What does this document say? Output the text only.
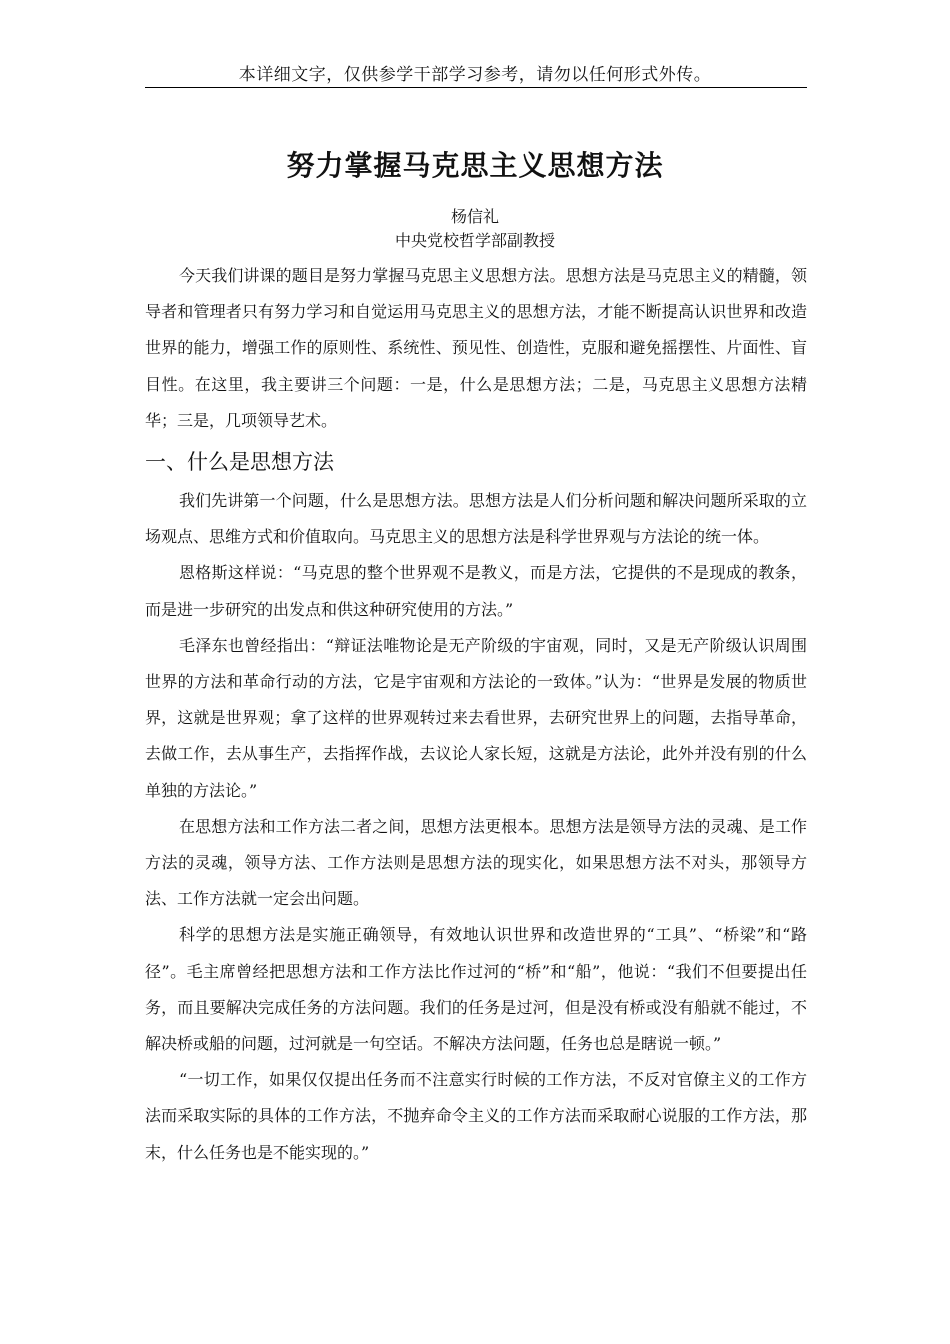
本详细文字，仅供参学干部学习参考，请勿以任何形式外传。
努力掌握马克思主义思想方法
杨信礼
中央党校哲学部副教授

今天我们讲课的题目是努力掌握马克思主义思想方法。思想方法是马克思主义的精髓，领导者和管理者只有努力学习和自觉运用马克思主义的思想方法，才能不断提高认识世界和改造世界的能力，增强工作的原则性、系统性、预见性、创造性，克服和避免摇摆性、片面性、盲目性。在这里，我主要讲三个问题：一是，什么是思想方法；二是，马克思主义思想方法精华；三是，几项领导艺术。

一、什么是思想方法

我们先讲第一个问题，什么是思想方法。思想方法是人们分析问题和解决问题所采取的立场观点、思维方式和价值取向。马克思主义的思想方法是科学世界观与方法论的统一体。

恩格斯这样说：“马克思的整个世界观不是教义，而是方法，它提供的不是现成的教条，而是进一步研究的出发点和供这种研究使用的方法。”

毛泽东也曾经指出：“辩证法唯物论是无产阶级的宇宙观，同时，又是无产阶级认识周围世界的方法和革命行动的方法，它是宇宙观和方法论的一致体。”认为：“世界是发展的物质世界，这就是世界观；拿了这样的世界观转过来去看世界，去研究世界上的问题，去指导革命，去做工作，去从事生产，去指挥作战，去议论人家长短，这就是方法论，此外并没有别的什么单独的方法论。”

在思想方法和工作方法二者之间，思想方法更根本。思想方法是领导方法的灵魂、是工作方法的灵魂，领导方法、工作方法则是思想方法的现实化，如果思想方法不对头，那领导方法、工作方法就一定会出问题。

科学的思想方法是实施正确领导，有效地认识世界和改造世界的“工具”、“桥梁”和“路径”。毛主席曾经把思想方法和工作方法比作过河的“桥”和“船”，他说：“我们不但要提出任务，而且要解决完成任务的方法问题。我们的任务是过河，但是没有桥或没有船就不能过，不解决桥或船的问题，过河就是一句空话。不解决方法问题，任务也总是瞎说一顿。”

“一切工作，如果仅仅提出任务而不注意实行时候的工作方法，不反对官僚主义的工作方法而采取实际的具体的工作方法，不抛弃命令主义的工作方法而采取耐心说服的工作方法，那末，什么任务也是不能实现的。”
